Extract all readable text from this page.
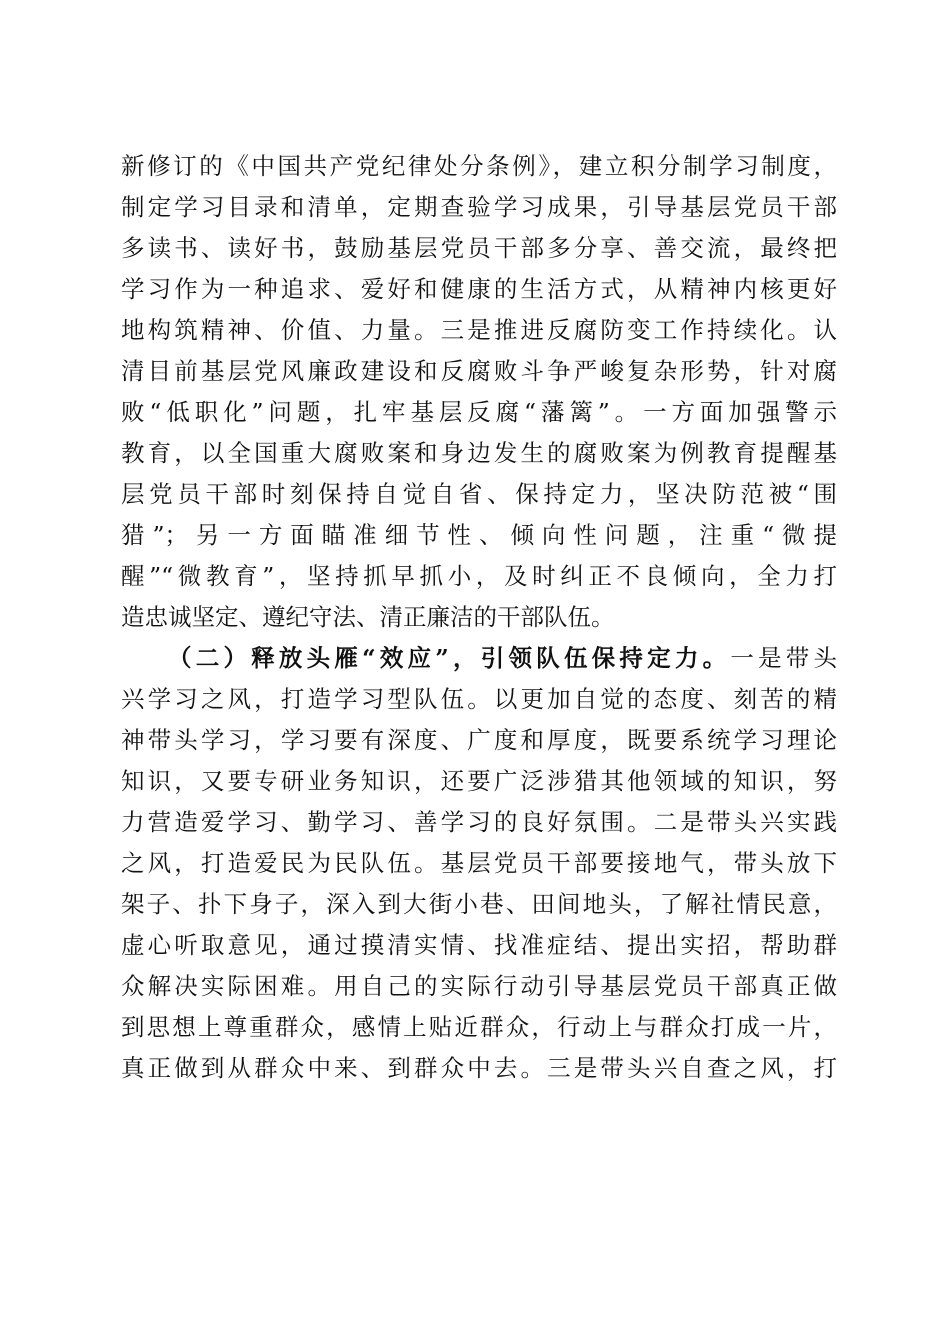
新修订的《中国共产党纪律处分条例》，建立积分制学习制度，
制定学习目录和清单，定期查验学习成果，引导基层党员干部
多读书、读好书，鼓励基层党员干部多分享、善交流，最终把
学习作为一种追求、爱好和健康的生活方式，从精神内核更好
地构筑精神、价值、力量。三是推进反腐防变工作持续化。认
清目前基层党风廉政建设和反腐败斗争严峻复杂形势，针对腐
败“低职化”问题，扎牢基层反腐“藩篱”。一方面加强警示
教育，以全国重大腐败案和身边发生的腐败案为例教育提醒基
层党员干部时刻保持自觉自省、保持定力，坚决防范被“围
猎”；另一方面瞄准细节性、倾向性问题，注重“微提
醒”“微教育”，坚持抓早抓小，及时纠正不良倾向，全力打
造忠诚坚定、遵纪守法、清正廉洁的干部队伍。
（二）释放头雁“效应”，引领队伍保持定力。一是带头
兴学习之风，打造学习型队伍。以更加自觉的态度、刻苦的精
神带头学习，学习要有深度、广度和厚度，既要系统学习理论
知识，又要专研业务知识，还要广泛涉猎其他领域的知识，努
力营造爱学习、勤学习、善学习的良好氛围。二是带头兴实践
之风，打造爱民为民队伍。基层党员干部要接地气，带头放下
架子、扑下身子，深入到大街小巷、田间地头，了解社情民意，
虚心听取意见，通过摸清实情、找准症结、提出实招，帮助群
众解决实际困难。用自己的实际行动引导基层党员干部真正做
到思想上尊重群众，感情上贴近群众，行动上与群众打成一片，
真正做到从群众中来、到群众中去。三是带头兴自查之风，打
